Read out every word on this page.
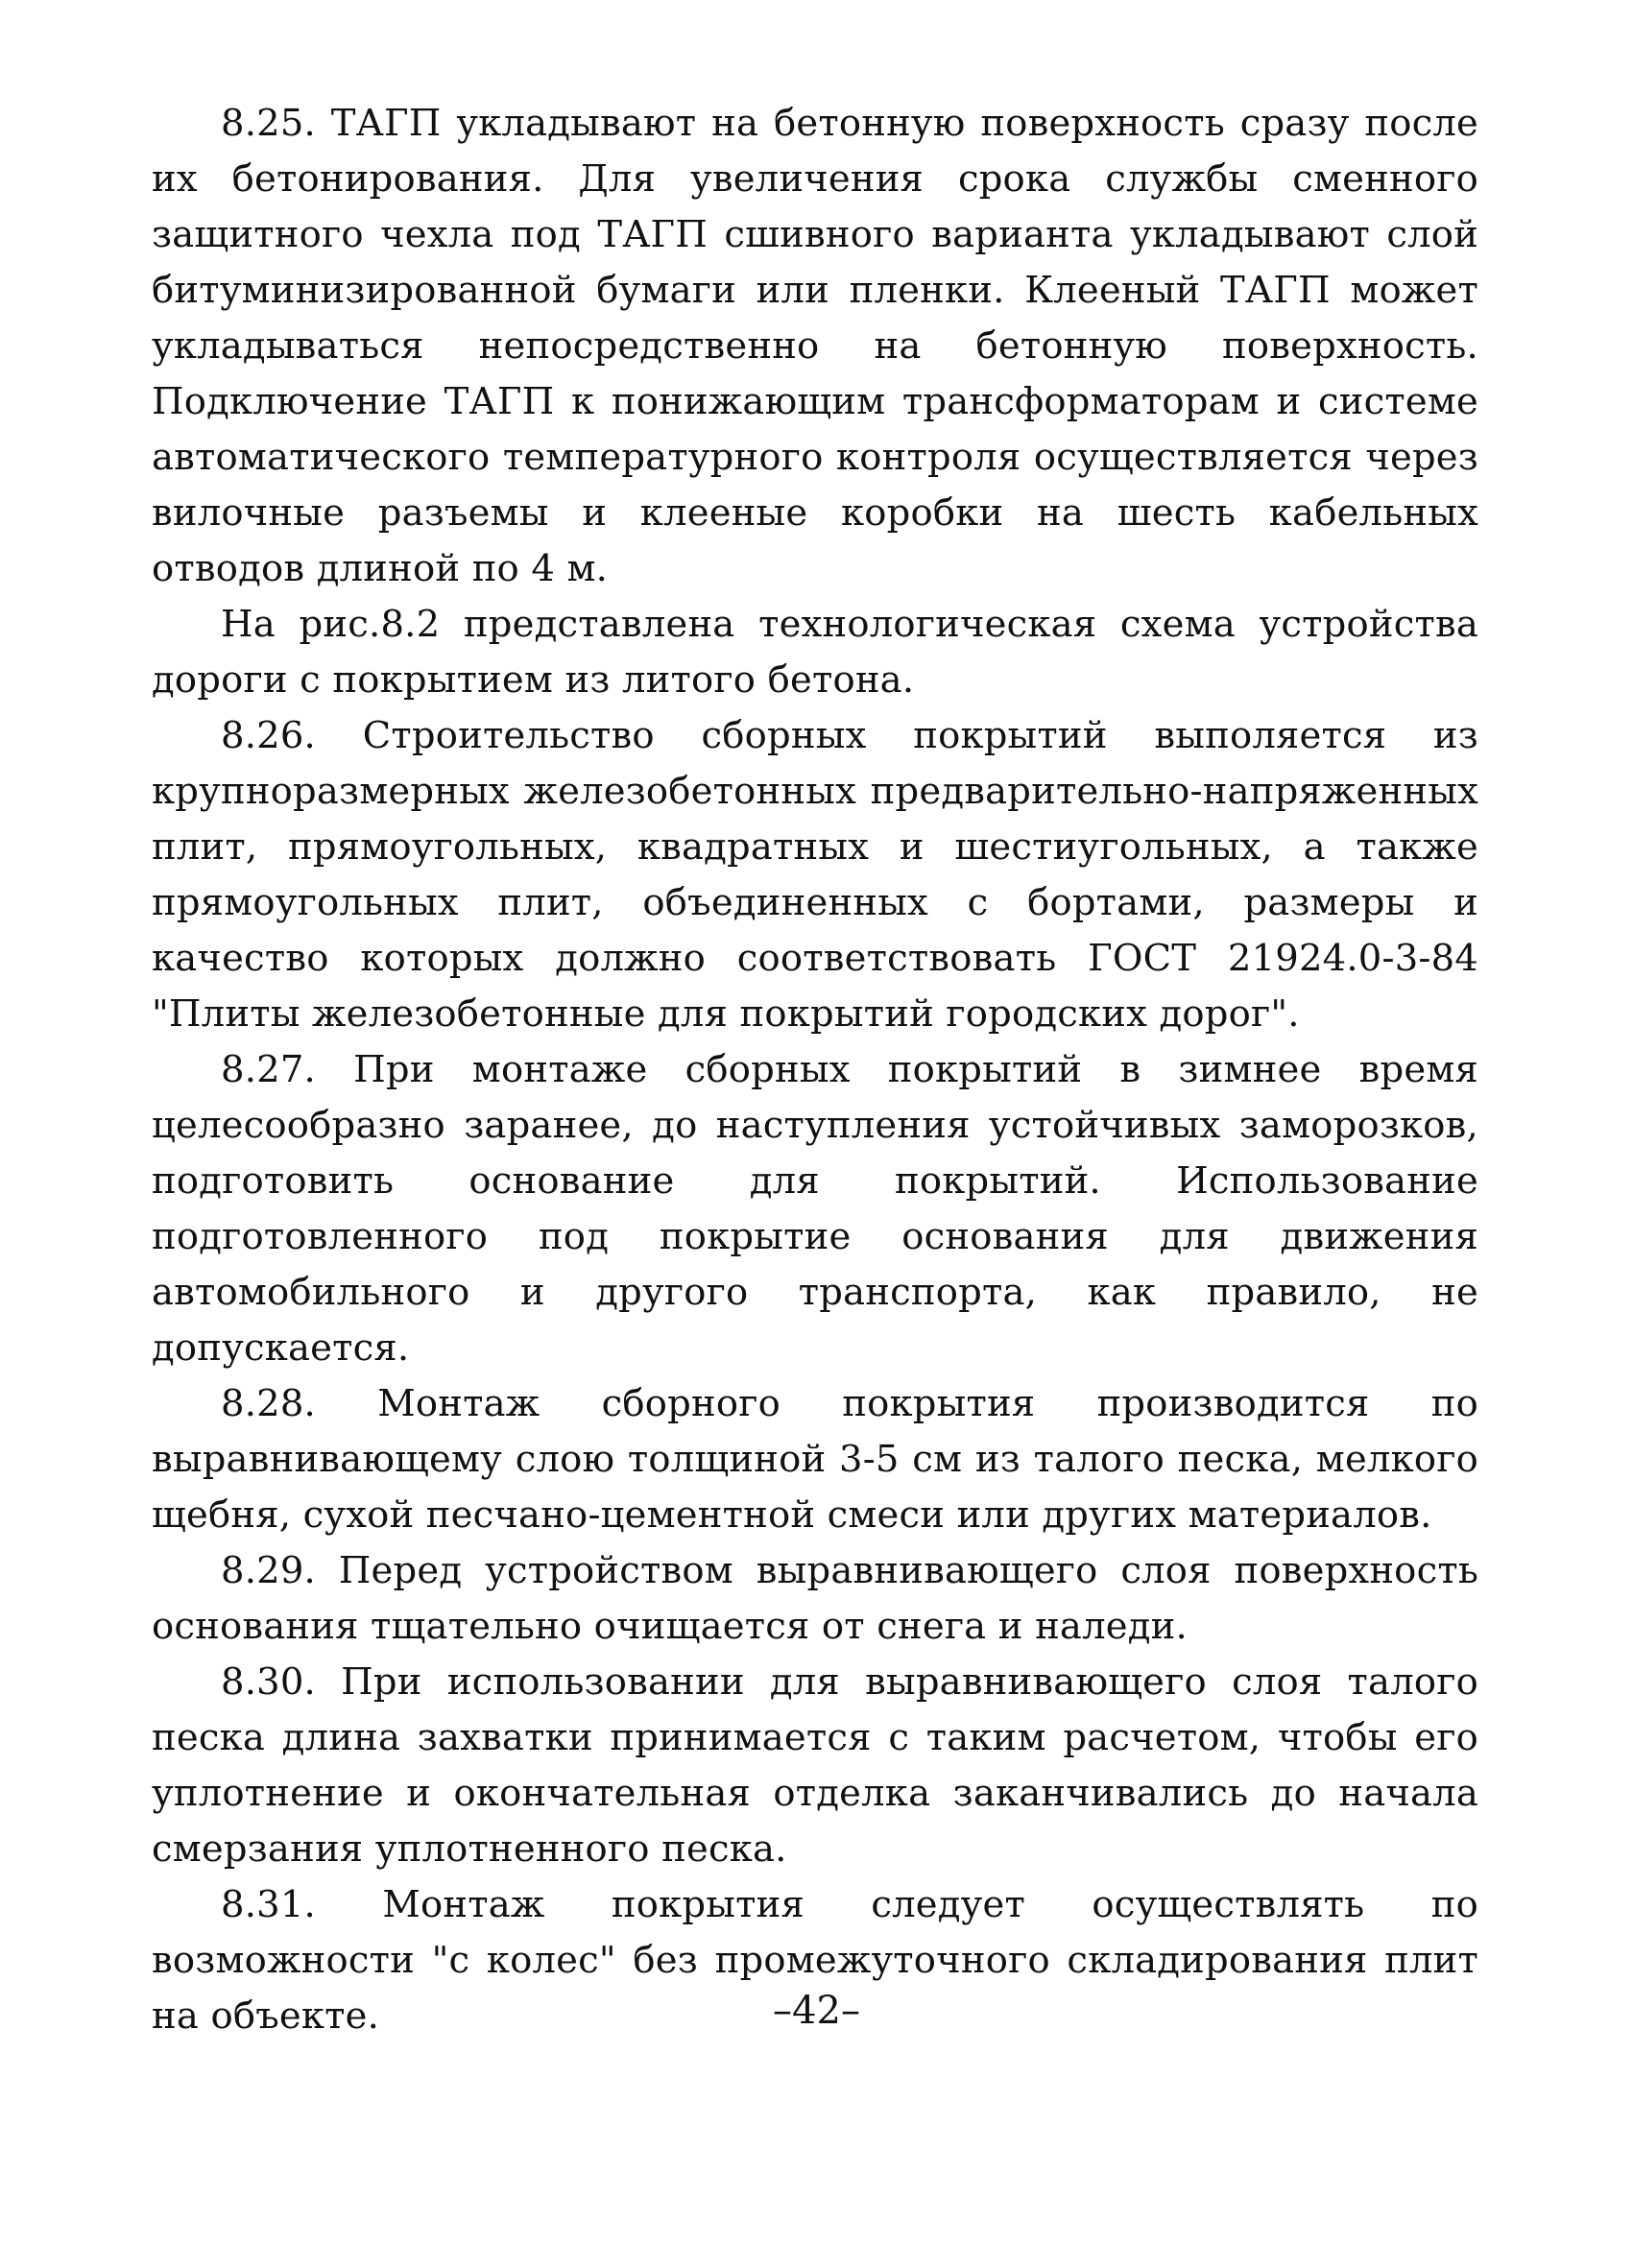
8.25. ТАГП укладывают на бетонную поверхность сразу после их бетонирования. Для увеличения срока службы сменного защитного чехла под ТАГП сшивного варианта укладывают слой битуминизированной бумаги или пленки. Клееный ТАГП может укладываться непосредственно на бетонную поверхность. Подключение ТАГП к понижающим трансформаторам и системе автоматического температурного контроля осуществляется через вилочные разъемы и клееные коробки на шесть кабельных отводов длиной по 4 м.

На рис.8.2 представлена технологическая схема устройства дороги с покрытием из литого бетона.

8.26. Строительство сборных покрытий выполяется из крупноразмерных железобетонных предварительно-напряженных плит, прямоугольных, квадратных и шестиугольных, а также прямоугольных плит, объединенных с бортами, размеры и качество которых должно соответствовать ГОСТ 21924.0-3-84 "Плиты железобетонные для покрытий городских дорог".

8.27. При монтаже сборных покрытий в зимнее время целесообразно заранее, до наступления устойчивых заморозков, подготовить основание для покрытий. Использование подготовленного под покрытие основания для движения автомобильного и другого транспорта, как правило, не допускается.

8.28. Монтаж сборного покрытия производится по выравнивающему слою толщиной 3-5 см из талого песка, мелкого щебня, сухой песчано-цементной смеси или других материалов.

8.29. Перед устройством выравнивающего слоя поверхность основания тщательно очищается от снега и наледи.

8.30. При использовании для выравнивающего слоя талого песка длина захватки принимается с таким расчетом, чтобы его уплотнение и окончательная отделка заканчивались до начала смерзания уплотненного песка.

8.31. Монтаж покрытия следует осуществлять по возможности "с колес" без промежуточного складирования плит на объекте.	–42–
